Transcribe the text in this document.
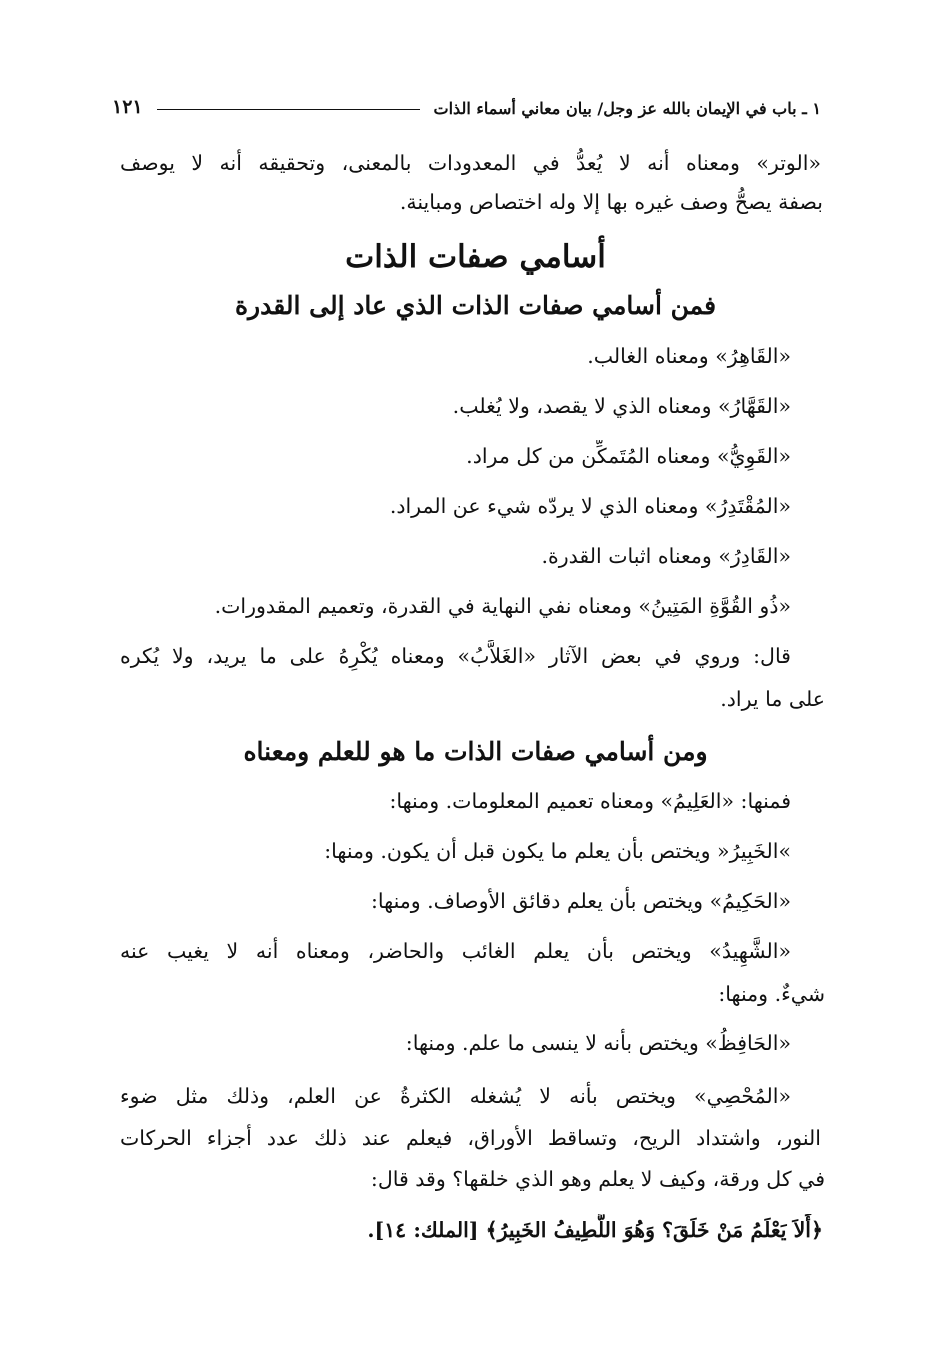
١ ـ باب في الإيمان بالله عز وجل/ بيان معاني أسماء الذات
١٢١
«الوتر» ومعناه أنه لا يُعدُّ في المعدودات بالمعنى، وتحقيقه أنه لا يوصف
بصفة يصحُّ وصف غيره بها إلا وله اختصاص ومباينة.
أسامي صفات الذات
فمن أسامي صفات الذات الذي عاد إلى القدرة
«القَاهِرُ» ومعناه الغالب.
«القَهَّارُ» ومعناه الذي لا يقصد، ولا يُغلب.
«القَوِيُّ» ومعناه المُتَمكِّن من كل مراد.
«المُقْتَدِرُ» ومعناه الذي لا يردّه شيء عن المراد.
«القَادِرُ» ومعناه اثبات القدرة.
«ذُو القُوَّةِ المَتِينُ» ومعناه نفي النهاية في القدرة، وتعميم المقدورات.
قال: وروي في بعض الآثار «الغَلاَّبُ» ومعناه يُكْرِهُ على ما يريد، ولا يُكره
على ما يراد.
ومن أسامي صفات الذات ما هو للعلم ومعناه
فمنها: «العَلِيمُ» ومعناه تعميم المعلومات. ومنها:
»الخَبِيرُ« ويختص بأن يعلم ما يكون قبل أن يكون. ومنها:
«الحَكِيمُ» ويختص بأن يعلم دقائق الأوصاف. ومنها:
«الشَّهِيدُ» ويختص بأن يعلم الغائب والحاضر، ومعناه أنه لا يغيب عنه
شيءٌ. ومنها:
«الحَافِظُ» ويختص بأنه لا ينسى ما علم. ومنها:
«المُحْصِي» ويختص بأنه لا يُشغله الكثرةُ عن العلم، وذلك مثل ضوء
النور، واشتداد الريح، وتساقط الأوراق، فيعلم عند ذلك عدد أجزاء الحركات
في كل ورقة، وكيف لا يعلم وهو الذي خلقها؟ وقد قال:
﴿أَلاَ يَعْلَمُ مَنْ خَلَقَ؟ وَهُوَ اللَّطِيفُ الخَبِيرُ﴾ [الملك: ١٤].
